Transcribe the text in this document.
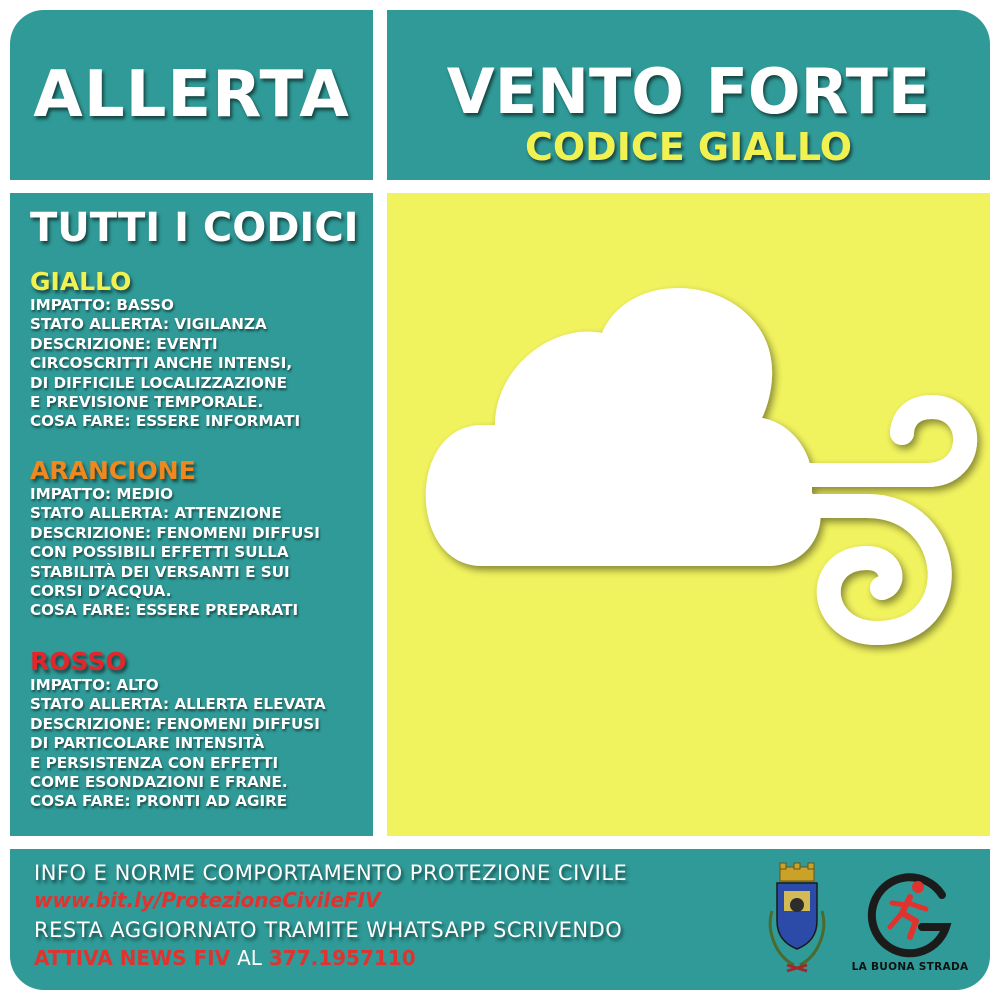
ALLERTA	VENTO FORTE
CODICE GIALLO
TUTTI I CODICI
GIALLO
IMPATTO: BASSO
STATO ALLERTA: VIGILANZA
DESCRIZIONE: EVENTI
CIRCOSCRITTI ANCHE INTENSI,
DI DIFFICILE LOCALIZZAZIONE
E PREVISIONE TEMPORALE.
COSA FARE: ESSERE INFORMATI
ARANCIONE
IMPATTO: MEDIO
STATO ALLERTA: ATTENZIONE
DESCRIZIONE: FENOMENI DIFFUSI
CON POSSIBILI EFFETTI SULLA
STABILITÀ DEI VERSANTI E SUI
CORSI D’ACQUA.
COSA FARE: ESSERE PREPARATI
ROSSO
IMPATTO: ALTO
STATO ALLERTA: ALLERTA ELEVATA
DESCRIZIONE: FENOMENI DIFFUSI
DI PARTICOLARE INTENSITÀ
E PERSISTENZA CON EFFETTI
COME ESONDAZIONI E FRANE.
COSA FARE: PRONTI AD AGIRE
INFO E NORME COMPORTAMENTO PROTEZIONE CIVILE
www.bit.ly/ProtezioneCivileFIV
RESTA AGGIORNATO TRAMITE WHATSAPP SCRIVENDO
ATTIVA NEWS FIV AL 377.1957110	LA BUONA STRADA
